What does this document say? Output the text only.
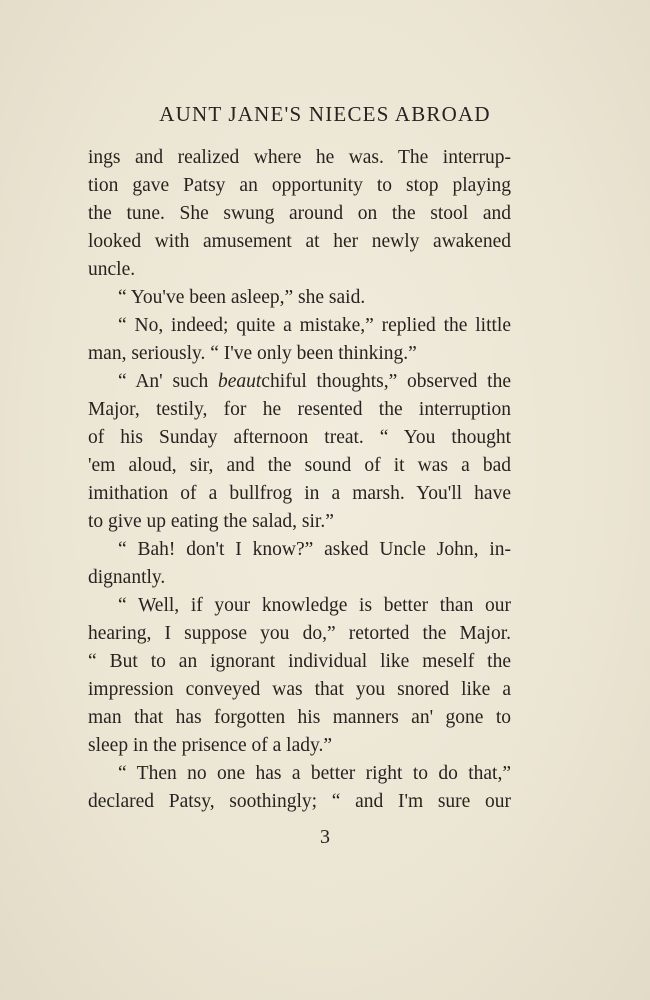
AUNT JANE'S NIECES ABROAD
ings and realized where he was. The interrup-
tion gave Patsy an opportunity to stop playing
the tune. She swung around on the stool and
looked with amusement at her newly awakened
uncle.
“ You've been asleep,” she said.
“ No, indeed; quite a mistake,” replied the little
man, seriously. “ I've only been thinking.”
“ An' such beautchiful thoughts,” observed the
Major, testily, for he resented the interruption
of his Sunday afternoon treat. “ You thought
'em aloud, sir, and the sound of it was a bad
imithation of a bullfrog in a marsh. You'll have
to give up eating the salad, sir.”
“ Bah! don't I know?” asked Uncle John, in-
dignantly.
“ Well, if your knowledge is better than our
hearing, I suppose you do,” retorted the Major.
“ But to an ignorant individual like meself the
impression conveyed was that you snored like a
man that has forgotten his manners an' gone to
sleep in the prisence of a lady.”
“ Then no one has a better right to do that,”
declared Patsy, soothingly; “ and I'm sure our
3
